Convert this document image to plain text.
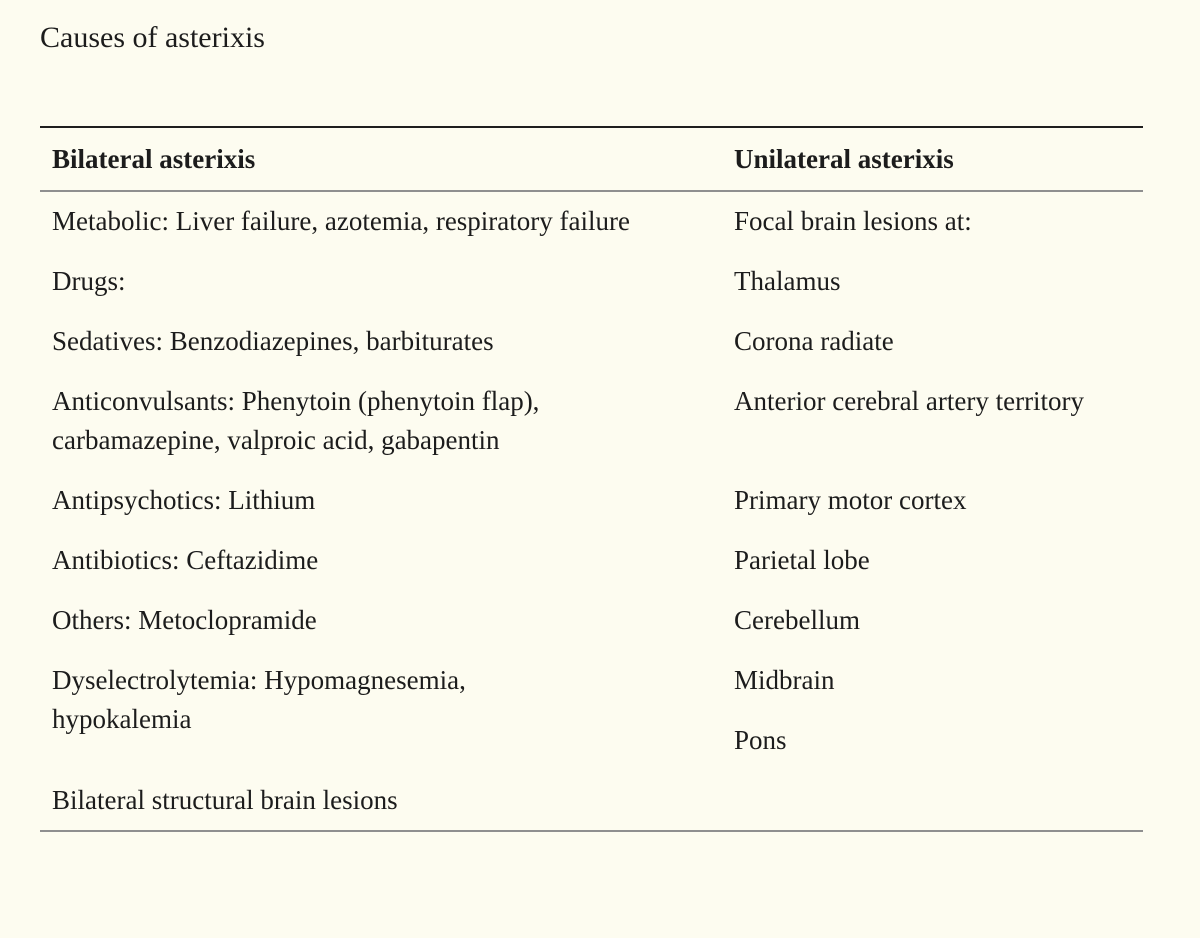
Causes of asterixis
Bilateral asterixis	Unilateral asterixis
Metabolic: Liver failure, azotemia, respiratory failure	Focal brain lesions at:
Drugs:	Thalamus
Sedatives: Benzodiazepines, barbiturates	Corona radiate

Anticonvulsants: Phenytoin (phenytoin flap), carbamazepine, valproic acid, gabapentin	Anterior cerebral artery territory
Antipsychotics: Lithium	Primary motor cortex
Antibiotics: Ceftazidime	Parietal lobe
Others: Metoclopramide	Cerebellum

Dyselectrolytemia: Hypomagnesemia, hypokalemia	Midbrain
	Pons
Bilateral structural brain lesions	
